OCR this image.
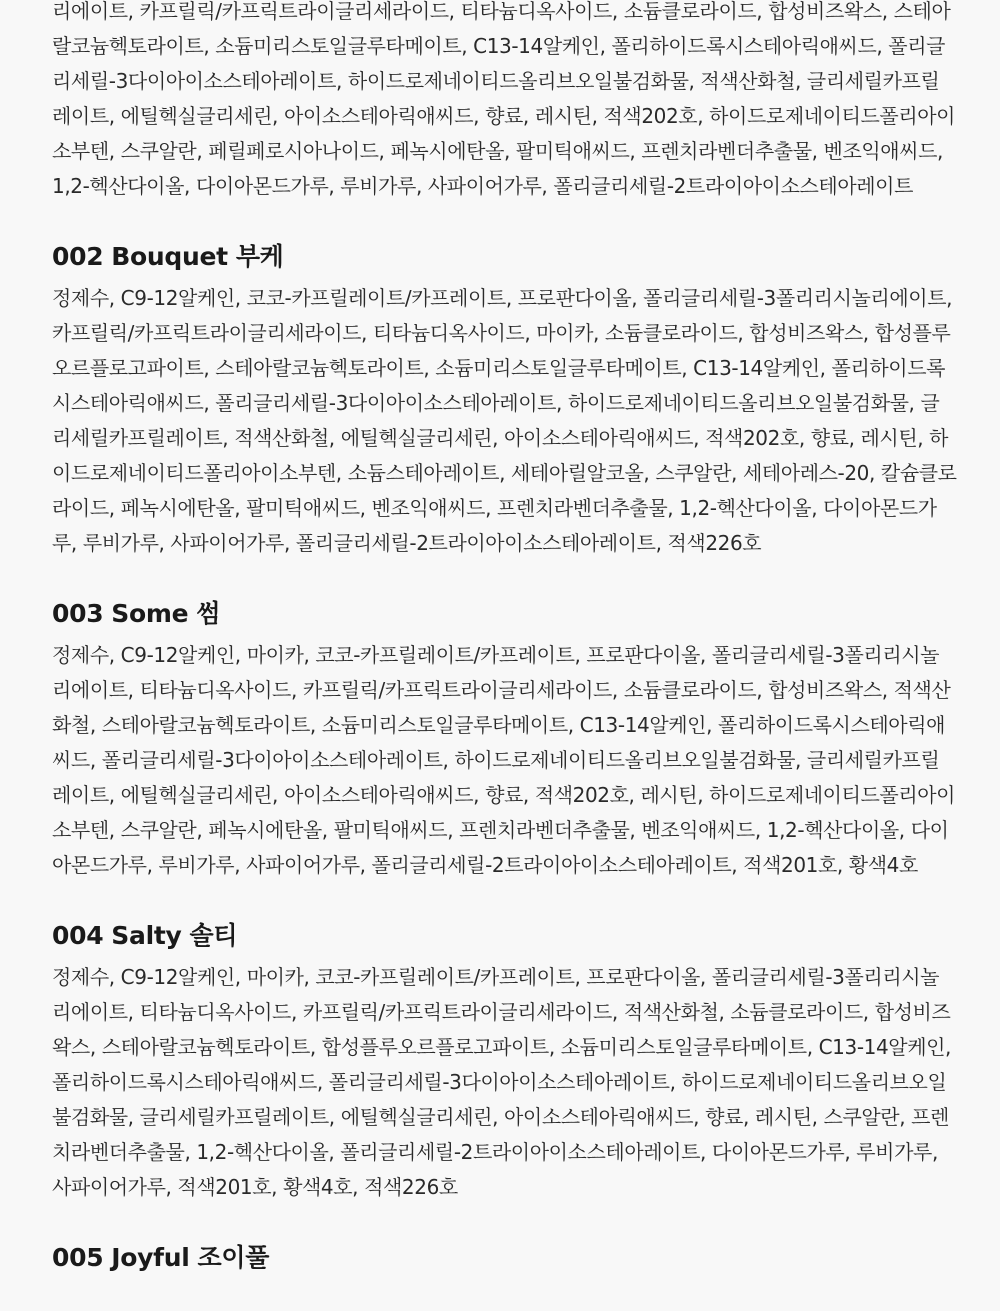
리에이트, 카프릴릭/카프릭트라이글리세라이드, 티타늄디옥사이드, 소듐클로라이드, 합성비즈왁스, 스테아랄코늄헥토라이트, 소듐미리스토일글루타메이트, C13-14알케인, 폴리하이드록시스테아릭애씨드, 폴리글리세릴-3다이아이소스테아레이트, 하이드로제네이티드올리브오일불검화물, 적색산화철, 글리세릴카프릴레이트, 에틸헥실글리세린, 아이소스테아릭애씨드, 향료, 레시틴, 적색202호, 하이드로제네이티드폴리아이소부텐, 스쿠알란, 페릴페로시아나이드, 페녹시에탄올, 팔미틱애씨드, 프렌치라벤더추출물, 벤조익애씨드, 1,2-헥산다이올, 다이아몬드가루, 루비가루, 사파이어가루, 폴리글리세릴-2트라이아이소스테아레이트

002 Bouquet 부케

정제수, C9-12알케인, 코코-카프릴레이트/카프레이트, 프로판다이올, 폴리글리세릴-3폴리리시놀리에이트, 카프릴릭/카프릭트라이글리세라이드, 티타늄디옥사이드, 마이카, 소듐클로라이드, 합성비즈왁스, 합성플루오르플로고파이트, 스테아랄코늄헥토라이트, 소듐미리스토일글루타메이트, C13-14알케인, 폴리하이드록시스테아릭애씨드, 폴리글리세릴-3다이아이소스테아레이트, 하이드로제네이티드올리브오일불검화물, 글리세릴카프릴레이트, 적색산화철, 에틸헥실글리세린, 아이소스테아릭애씨드, 적색202호, 향료, 레시틴, 하이드로제네이티드폴리아이소부텐, 소듐스테아레이트, 세테아릴알코올, 스쿠알란, 세테아레스-20, 칼슘클로라이드, 페녹시에탄올, 팔미틱애씨드, 벤조익애씨드, 프렌치라벤더추출물, 1,2-헥산다이올, 다이아몬드가루, 루비가루, 사파이어가루, 폴리글리세릴-2트라이아이소스테아레이트, 적색226호

003 Some 썸

정제수, C9-12알케인, 마이카, 코코-카프릴레이트/카프레이트, 프로판다이올, 폴리글리세릴-3폴리리시놀리에이트, 티타늄디옥사이드, 카프릴릭/카프릭트라이글리세라이드, 소듐클로라이드, 합성비즈왁스, 적색산화철, 스테아랄코늄헥토라이트, 소듐미리스토일글루타메이트, C13-14알케인, 폴리하이드록시스테아릭애씨드, 폴리글리세릴-3다이아이소스테아레이트, 하이드로제네이티드올리브오일불검화물, 글리세릴카프릴레이트, 에틸헥실글리세린, 아이소스테아릭애씨드, 향료, 적색202호, 레시틴, 하이드로제네이티드폴리아이소부텐, 스쿠알란, 페녹시에탄올, 팔미틱애씨드, 프렌치라벤더추출물, 벤조익애씨드, 1,2-헥산다이올, 다이아몬드가루, 루비가루, 사파이어가루, 폴리글리세릴-2트라이아이소스테아레이트, 적색201호, 황색4호

004 Salty 솔티

정제수, C9-12알케인, 마이카, 코코-카프릴레이트/카프레이트, 프로판다이올, 폴리글리세릴-3폴리리시놀리에이트, 티타늄디옥사이드, 카프릴릭/카프릭트라이글리세라이드, 적색산화철, 소듐클로라이드, 합성비즈왁스, 스테아랄코늄헥토라이트, 합성플루오르플로고파이트, 소듐미리스토일글루타메이트, C13-14알케인, 폴리하이드록시스테아릭애씨드, 폴리글리세릴-3다이아이소스테아레이트, 하이드로제네이티드올리브오일불검화물, 글리세릴카프릴레이트, 에틸헥실글리세린, 아이소스테아릭애씨드, 향료, 레시틴, 스쿠알란, 프렌치라벤더추출물, 1,2-헥산다이올, 폴리글리세릴-2트라이아이소스테아레이트, 다이아몬드가루, 루비가루, 사파이어가루, 적색201호, 황색4호, 적색226호

005 Joyful 조이풀
